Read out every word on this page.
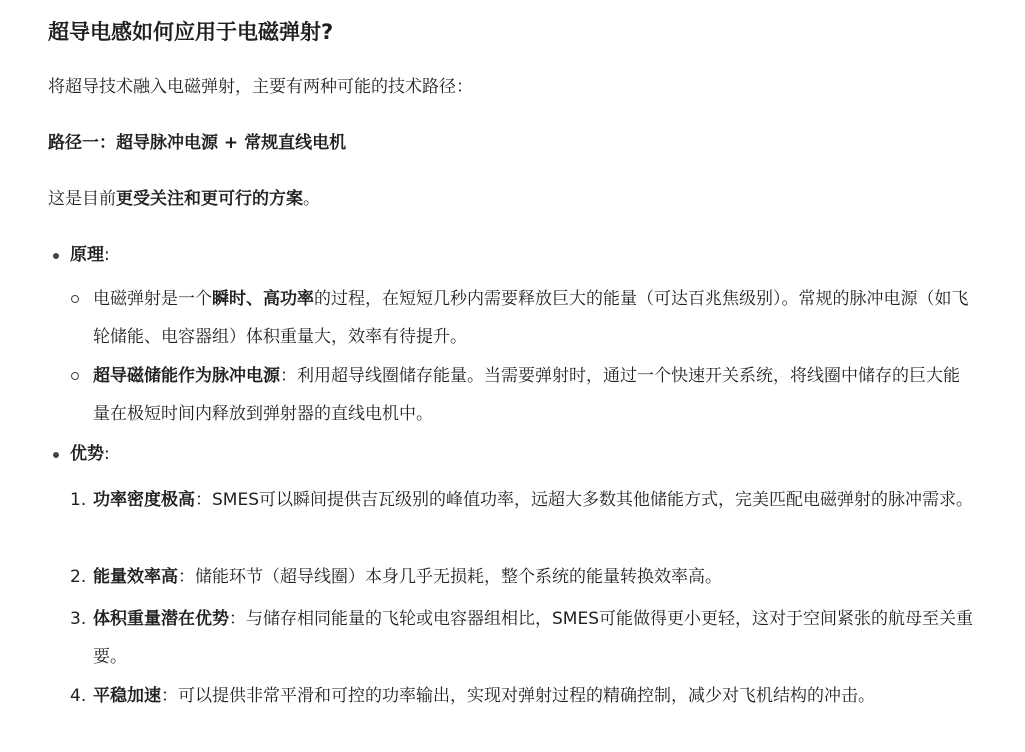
超导电感如何应用于电磁弹射?
将超导技术融入电磁弹射，主要有两种可能的技术路径：
路径一：超导脉冲电源 + 常规直线电机
这是目前更受关注和更可行的方案。
原理:
电磁弹射是一个瞬时、高功率的过程，在短短几秒内需要释放巨大的能量（可达百兆焦级别）。常规的脉冲电源（如飞轮储能、电容器组）体积重量大，效率有待提升。
超导磁储能作为脉冲电源：利用超导线圈储存能量。当需要弹射时，通过一个快速开关系统，将线圈中储存的巨大能量在极短时间内释放到弹射器的直线电机中。
优势:
1. 功率密度极高：SMES可以瞬间提供吉瓦级别的峰值功率，远超大多数其他储能方式，完美匹配电磁弹射的脉冲需求。
2. 能量效率高：储能环节（超导线圈）本身几乎无损耗，整个系统的能量转换效率高。
3. 体积重量潜在优势：与储存相同能量的飞轮或电容器组相比，SMES可能做得更小更轻，这对于空间紧张的航母至关重要。
4. 平稳加速：可以提供非常平滑和可控的功率输出，实现对弹射过程的精确控制，减少对飞机结构的冲击。
